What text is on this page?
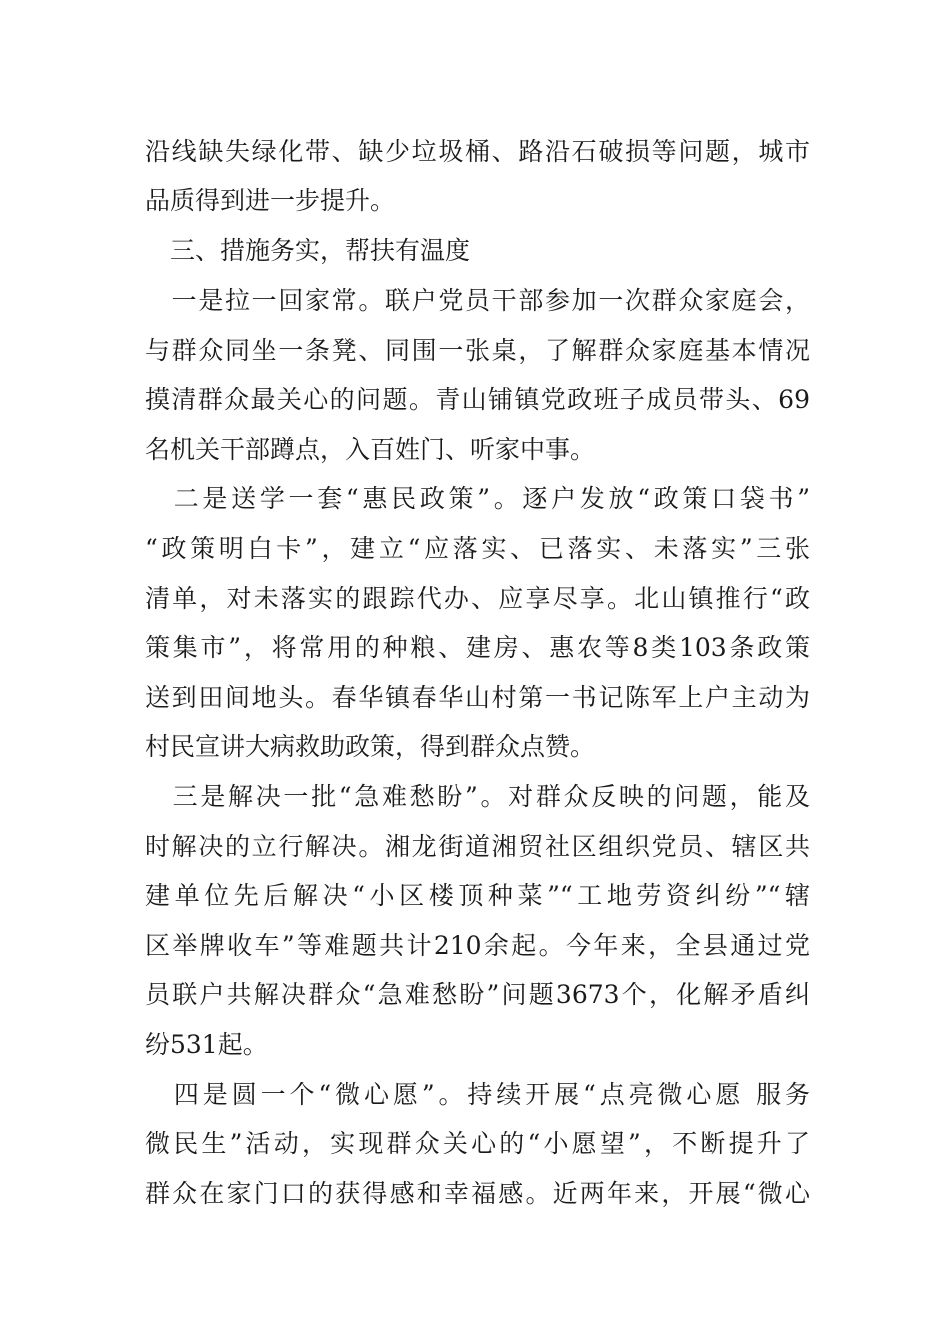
沿线缺失绿化带、缺少垃圾桶、路沿石破损等问题，城市
品质得到进一步提升。
　三、措施务实，帮扶有温度
　一是拉一回家常。联户党员干部参加一次群众家庭会，
与群众同坐一条凳、同围一张桌，了解群众家庭基本情况
摸清群众最关心的问题。青山铺镇党政班子成员带头、69
名机关干部蹲点，入百姓门、听家中事。
　二是送学一套“惠民政策”。逐户发放“政策口袋书”
“政策明白卡”，建立“应落实、已落实、未落实”三张
清单，对未落实的跟踪代办、应享尽享。北山镇推行“政
策集市”，将常用的种粮、建房、惠农等8类103条政策
送到田间地头。春华镇春华山村第一书记陈军上户主动为
村民宣讲大病救助政策，得到群众点赞。
　三是解决一批“急难愁盼”。对群众反映的问题，能及
时解决的立行解决。湘龙街道湘贸社区组织党员、辖区共
建单位先后解决“小区楼顶种菜”“工地劳资纠纷”“辖
区举牌收车”等难题共计210余起。今年来，全县通过党
员联户共解决群众“急难愁盼”问题3673个，化解矛盾纠
纷531起。
　四是圆一个“微心愿”。持续开展“点亮微心愿 服务
微民生”活动，实现群众关心的“小愿望”，不断提升了
群众在家门口的获得感和幸福感。近两年来，开展“微心
